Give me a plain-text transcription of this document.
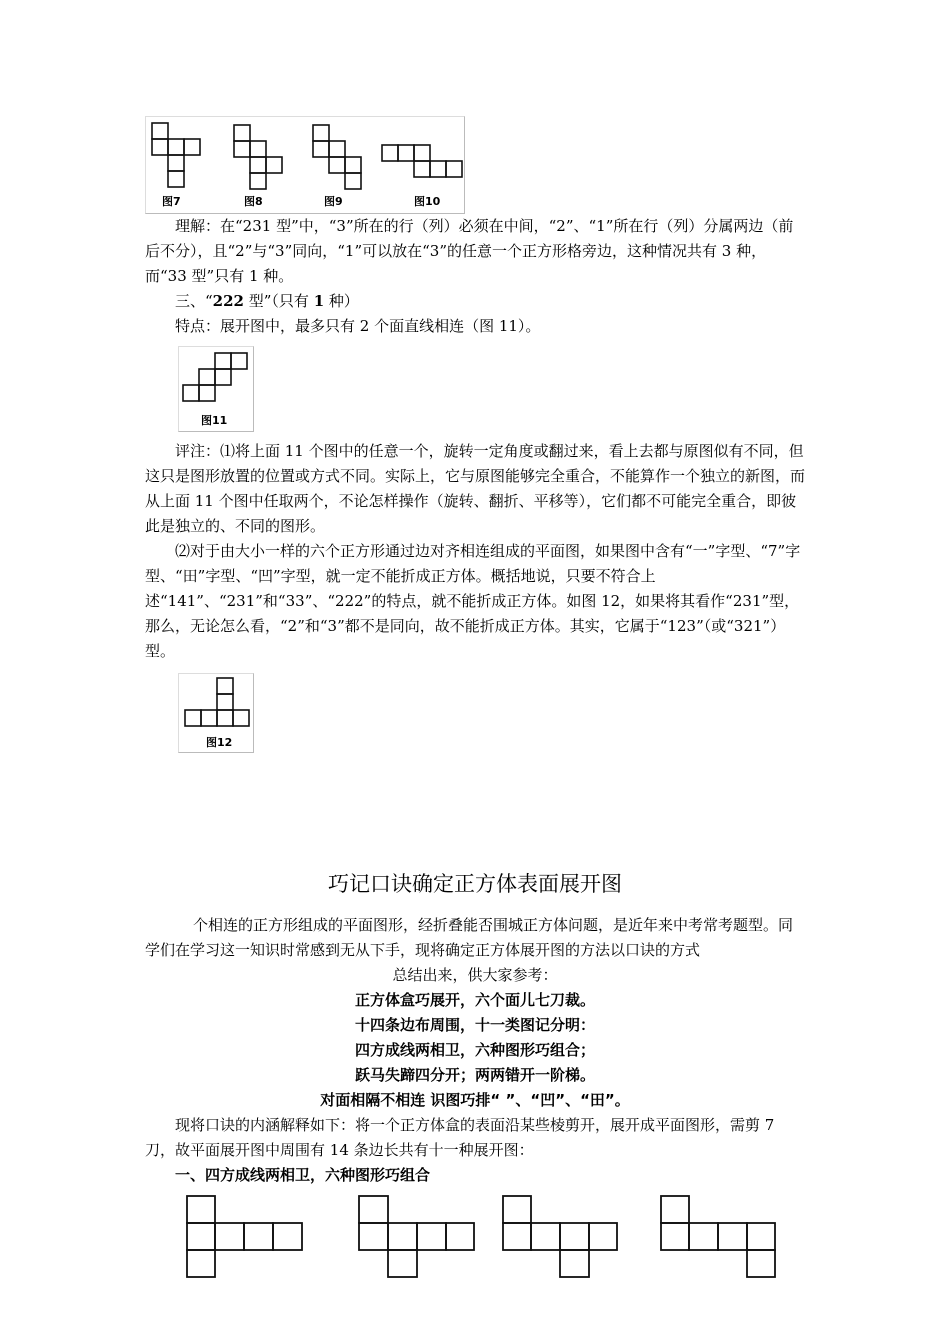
图7	图8	图9	图10
理解：在“231 型”中，“3”所在的行（列）必须在中间，“2”、“1”所在行（列）分属两边（前后不分），且“2”与“3”同向，“1”可以放在“3”的任意一个正方形格旁边，这种情况共有 3 种，而“33 型”只有 1 种。
三、“222 型”（只有 1 种）
特点：展开图中，最多只有 2 个面直线相连（图 11）。
图11
评注：⑴将上面 11 个图中的任意一个，旋转一定角度或翻过来，看上去都与原图似有不同，但这只是图形放置的位置或方式不同。实际上，它与原图能够完全重合，不能算作一个独立的新图，而从上面 11 个图中任取两个，不论怎样操作（旋转、翻折、平移等），它们都不可能完全重合，即彼此是独立的、不同的图形。
⑵对于由大小一样的六个正方形通过边对齐相连组成的平面图，如果图中含有“一”字型、“7”字型、“田”字型、“凹”字型，就一定不能折成正方体。概括地说，只要不符合上述“141”、“231”和“33”、“222”的特点，就不能折成正方体。如图 12，如果将其看作“231”型，那么，无论怎么看，“2”和“3”都不是同向，故不能折成正方体。其实，它属于“123”（或“321”）型。
图12
巧记口诀确定正方体表面展开图
个相连的正方形组成的平面图形，经折叠能否围城正方体问题，是近年来中考常考题型。同学们在学习这一知识时常感到无从下手，现将确定正方体展开图的方法以口诀的方式
总结出来，供大家参考：
正方体盒巧展开，六个面儿七刀裁。
十四条边布周围，十一类图记分明：
四方成线两相卫，六种图形巧组合；
跃马失蹄四分开；两两错开一阶梯。
对面相隔不相连 识图巧排“ ”、“凹”、“田”。
现将口诀的内涵解释如下：将一个正方体盒的表面沿某些棱剪开，展开成平面图形，需剪 7 刀，故平面展开图中周围有 14 条边长共有十一种展开图：
一、四方成线两相卫，六种图形巧组合
